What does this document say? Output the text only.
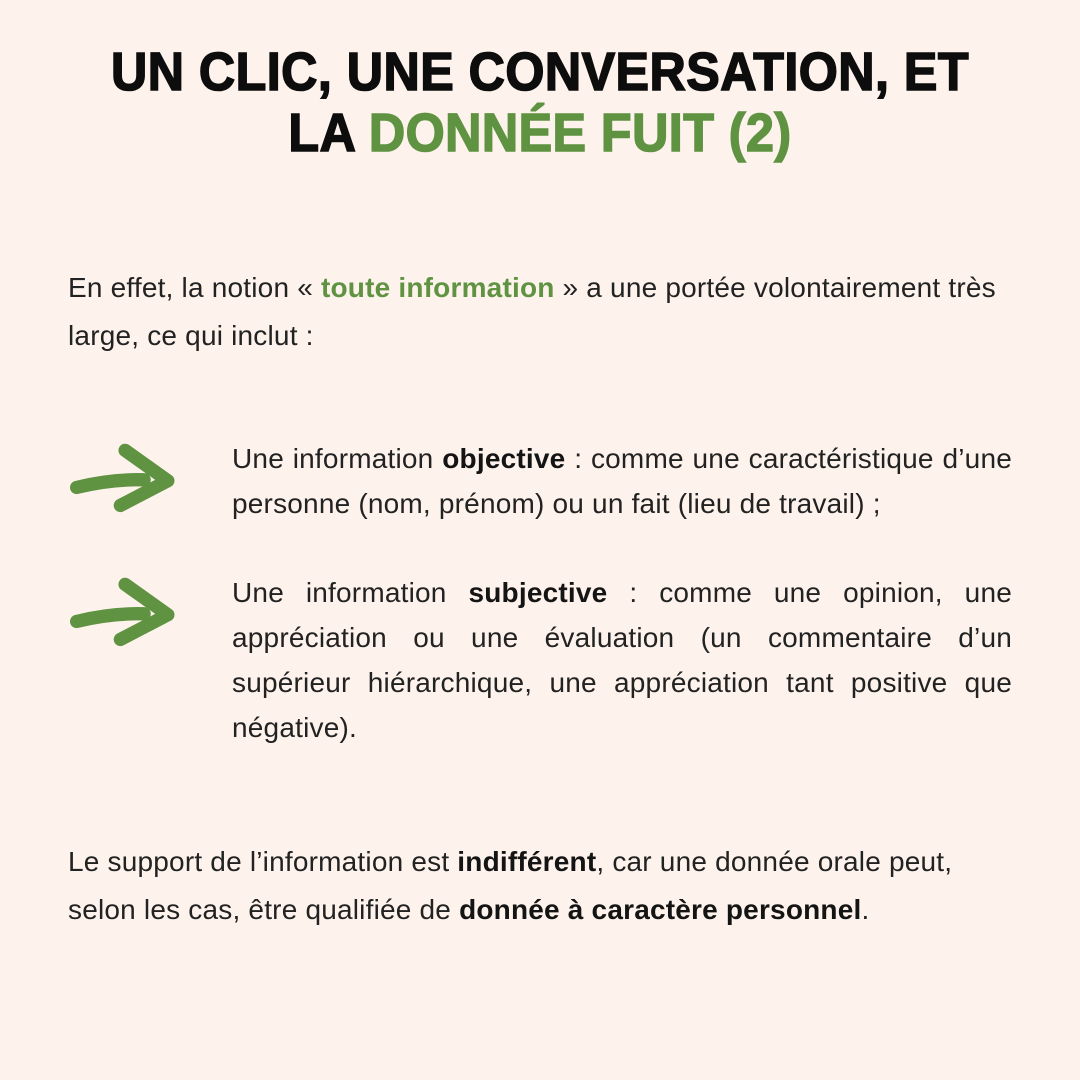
UN CLIC, UNE CONVERSATION, ET
LA DONNÉE FUIT (2)

En effet, la notion « toute information » a une portée volontairement très large, ce qui inclut :

Une information objective : comme une caractéristique d’une personne (nom, prénom) ou un fait (lieu de travail) ;

Une information subjective : comme une opinion, une appréciation ou une évaluation (un commentaire d’un supérieur hiérarchique, une appréciation tant positive que négative).

Le support de l’information est indifférent, car une donnée orale peut, selon les cas, être qualifiée de donnée à caractère personnel.
